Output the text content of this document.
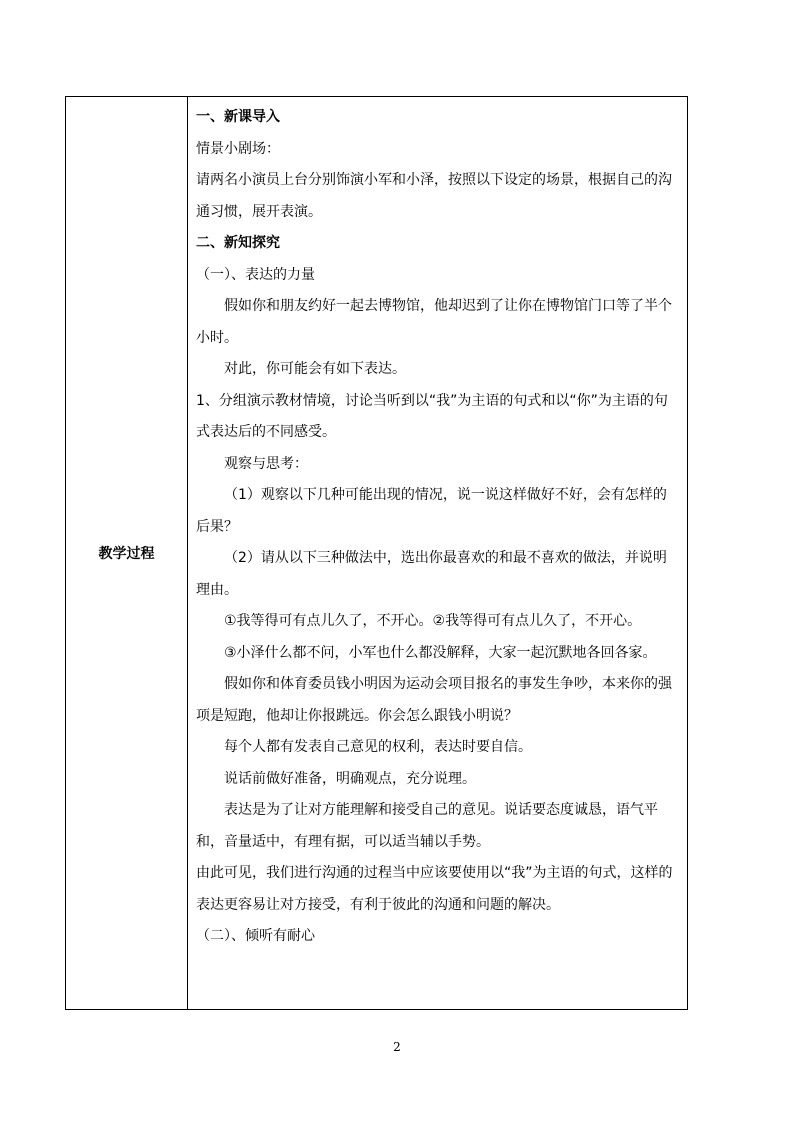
教学过程	

一、新课导入

情景小剧场：

请两名小演员上台分别饰演小军和小泽，按照以下设定的场景，根据自己的沟通习惯，展开表演。

二、新知探究

（一）、表达的力量

假如你和朋友约好一起去博物馆，他却迟到了让你在博物馆门口等了半个小时。

对此，你可能会有如下表达。

1、分组演示教材情境，讨论当听到以“我”为主语的句式和以“你”为主语的句式表达后的不同感受。

观察与思考：

（1）观察以下几种可能出现的情况，说一说这样做好不好，会有怎样的后果？

（2）请从以下三种做法中，选出你最喜欢的和最不喜欢的做法，并说明理由。

①我等得可有点儿久了，不开心。②我等得可有点儿久了，不开心。

③小泽什么都不问，小军也什么都没解释，大家一起沉默地各回各家。

假如你和体育委员钱小明因为运动会项目报名的事发生争吵，本来你的强项是短跑，他却让你报跳远。你会怎么跟钱小明说？

每个人都有发表自己意见的权利，表达时要自信。

说话前做好准备，明确观点，充分说理。

表达是为了让对方能理解和接受自己的意见。说话要态度诚恳，语气平和，音量适中，有理有据，可以适当辅以手势。

由此可见，我们进行沟通的过程当中应该要使用以“我”为主语的句式，这样的表达更容易让对方接受，有利于彼此的沟通和问题的解决。

（二）、倾听有耐心

2
